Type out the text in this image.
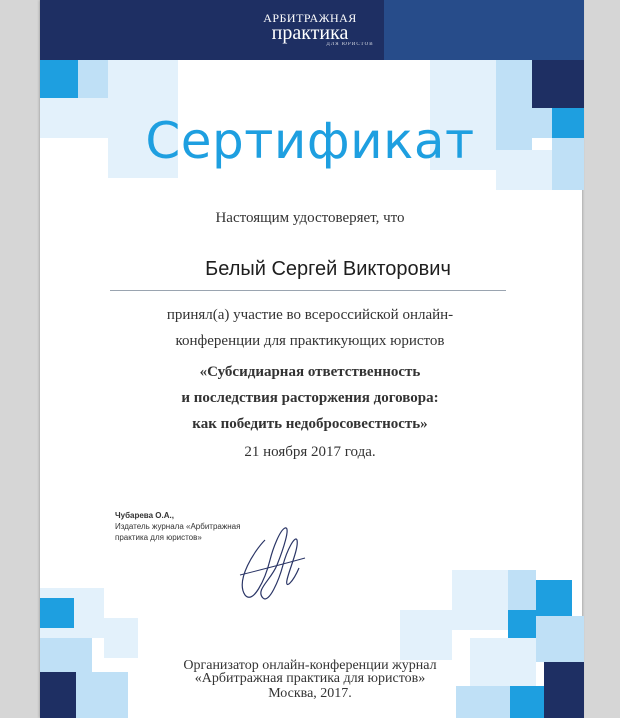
АРБИТРАЖНАЯ
практика
ДЛЯ ЮРИСТОВ
Сертификат
Настоящим удостоверяет, что
Белый Сергей Викторович
принял(а) участие во всероссийской онлайн-
конференции для практикующих юристов
«Субсидиарная ответственность
и последствия расторжения договора:
как победить недобросовестность»
21 ноября 2017 года.
Чубарева О.А.,
Издатель журнала «Арбитражная
практика для юристов»
Организатор онлайн-конференции журнал
«Арбитражная практика для юристов»
Москва, 2017.
